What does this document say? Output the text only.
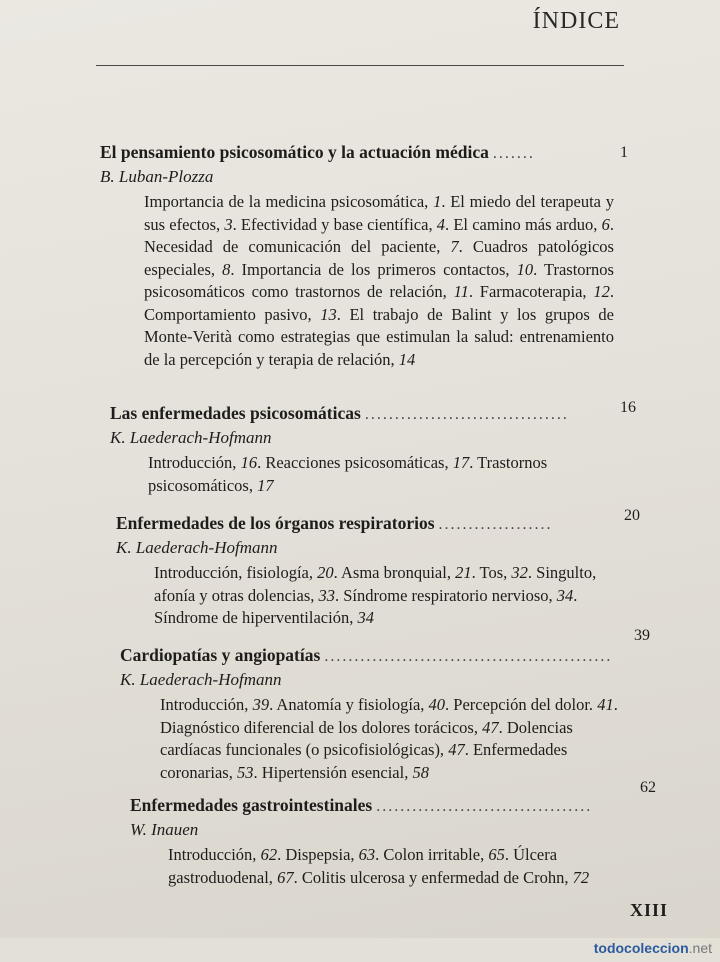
ÍNDICE
El pensamiento psicosomático y la actuación médica .......	1
B. Luban-Plozza
Importancia de la medicina psicosomática, 1. El miedo del terapeuta y sus efectos, 3. Efectividad y base científica, 4. El camino más arduo, 6. Necesidad de comunicación del paciente, 7. Cuadros patológicos especiales, 8. Importancia de los primeros contactos, 10. Trastornos psicosomáticos como trastornos de relación, 11. Farmacoterapia, 12. Comportamiento pasivo, 13. El trabajo de Balint y los grupos de Monte-Verità como estrategias que estimulan la salud: entrenamiento de la percepción y terapia de relación, 14
Las enfermedades psicosomáticas ..................................	16
K. Laederach-Hofmann
Introducción, 16. Reacciones psicosomáticas, 17. Trastornos psicosomáticos, 17
Enfermedades de los órganos respiratorios ...................
20
K. Laederach-Hofmann
Introducción, fisiología, 20. Asma bronquial, 21. Tos, 32. Singulto, afonía y otras dolencias, 33. Síndrome respiratorio nervioso, 34. Síndrome de hiperventilación, 34
Cardiopatías y angiopatías ................................................
39
K. Laederach-Hofmann
Introducción, 39. Anatomía y fisiología, 40. Percepción del dolor. 41. Diagnóstico diferencial de los dolores torácicos, 47. Dolencias cardíacas funcionales (o psicofisiológicas), 47. Enfermedades coronarias, 53. Hipertensión esencial, 58
Enfermedades gastrointestinales ....................................
62
W. Inauen
Introducción, 62. Dispepsia, 63. Colon irritable, 65. Úlcera gastroduodenal, 67. Colitis ulcerosa y enfermedad de Crohn, 72
XIII
todocoleccion.net
